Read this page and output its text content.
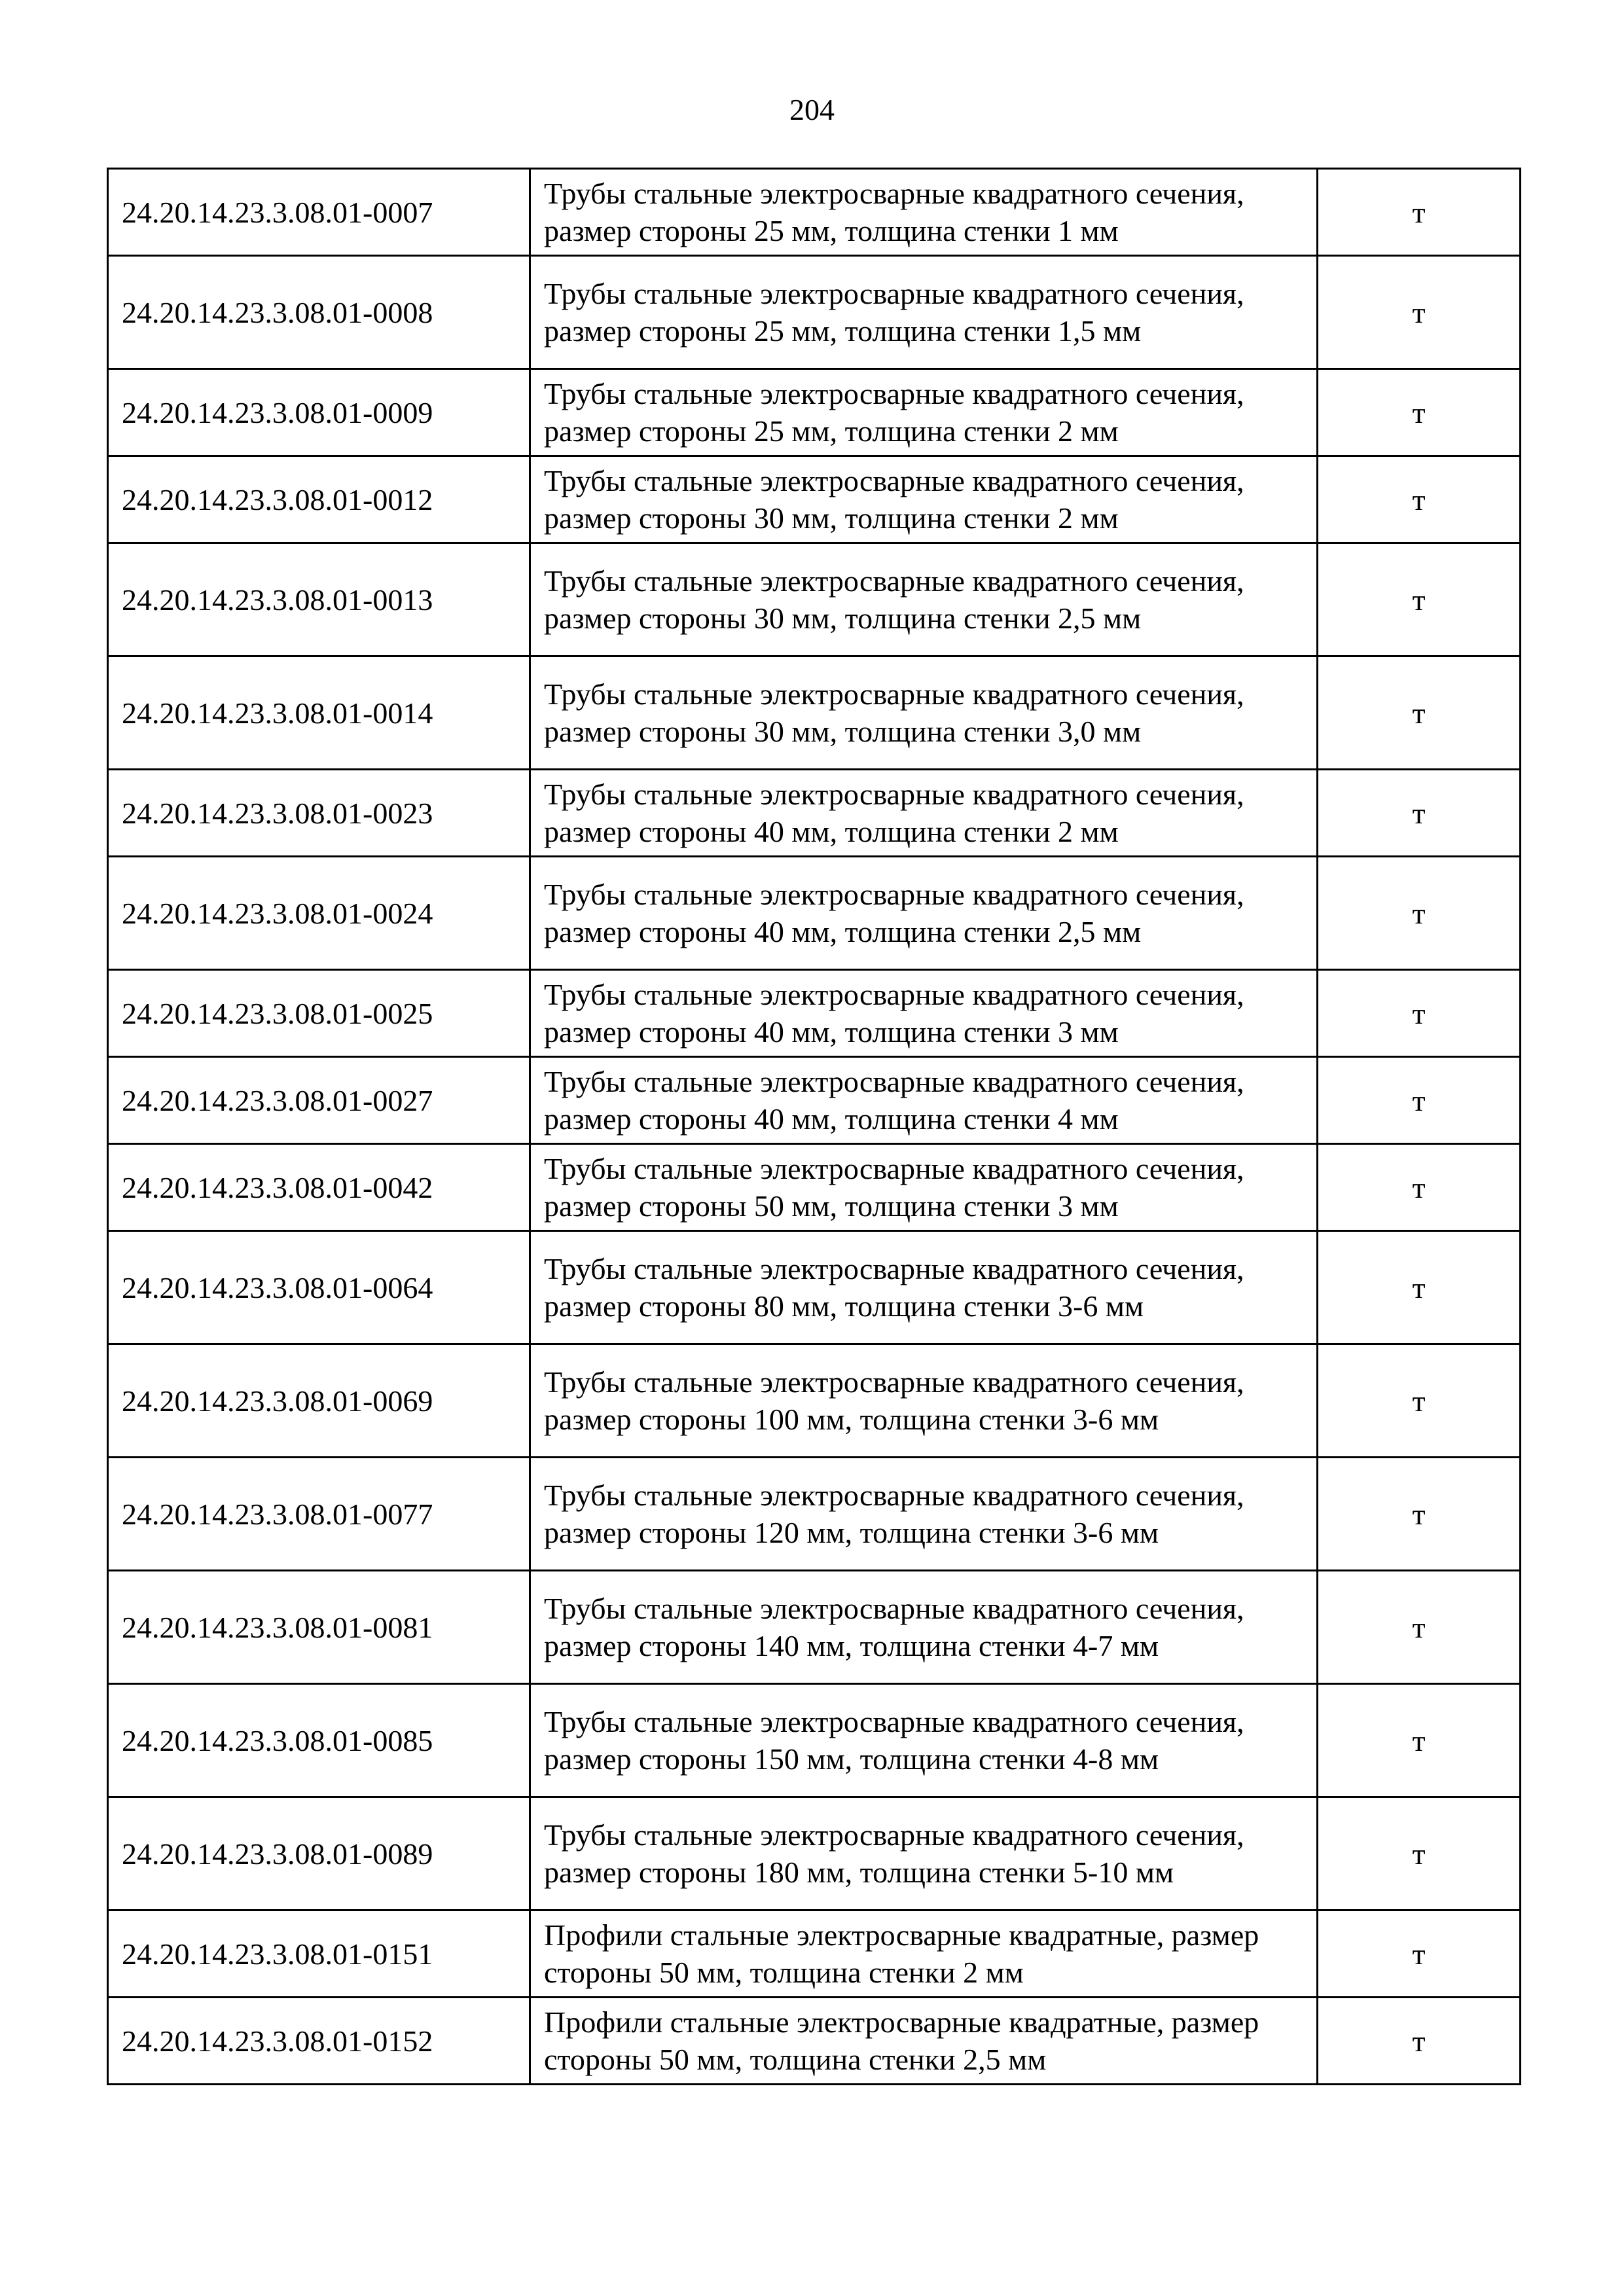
204
24.20.14.23.3.08.01-0007	Трубы стальные электросварные квадратного сечения, размер стороны 25 мм, толщина стенки 1 мм	т
24.20.14.23.3.08.01-0008	Трубы стальные электросварные квадратного сечения, размер стороны 25 мм, толщина стенки 1,5 мм	т
24.20.14.23.3.08.01-0009	Трубы стальные электросварные квадратного сечения, размер стороны 25 мм, толщина стенки 2 мм	т
24.20.14.23.3.08.01-0012	Трубы стальные электросварные квадратного сечения, размер стороны 30 мм, толщина стенки 2 мм	т
24.20.14.23.3.08.01-0013	Трубы стальные электросварные квадратного сечения, размер стороны 30 мм, толщина стенки 2,5 мм	т
24.20.14.23.3.08.01-0014	Трубы стальные электросварные квадратного сечения, размер стороны 30 мм, толщина стенки 3,0 мм	т
24.20.14.23.3.08.01-0023	Трубы стальные электросварные квадратного сечения, размер стороны 40 мм, толщина стенки 2 мм	т
24.20.14.23.3.08.01-0024	Трубы стальные электросварные квадратного сечения, размер стороны 40 мм, толщина стенки 2,5 мм	т
24.20.14.23.3.08.01-0025	Трубы стальные электросварные квадратного сечения, размер стороны 40 мм, толщина стенки 3 мм	т
24.20.14.23.3.08.01-0027	Трубы стальные электросварные квадратного сечения, размер стороны 40 мм, толщина стенки 4 мм	т
24.20.14.23.3.08.01-0042	Трубы стальные электросварные квадратного сечения, размер стороны 50 мм, толщина стенки 3 мм	т
24.20.14.23.3.08.01-0064	Трубы стальные электросварные квадратного сечения, размер стороны 80 мм, толщина стенки 3-6 мм	т
24.20.14.23.3.08.01-0069	Трубы стальные электросварные квадратного сечения, размер стороны 100 мм, толщина стенки 3-6 мм	т
24.20.14.23.3.08.01-0077	Трубы стальные электросварные квадратного сечения, размер стороны 120 мм, толщина стенки 3-6 мм	т
24.20.14.23.3.08.01-0081	Трубы стальные электросварные квадратного сечения, размер стороны 140 мм, толщина стенки 4-7 мм	т
24.20.14.23.3.08.01-0085	Трубы стальные электросварные квадратного сечения, размер стороны 150 мм, толщина стенки 4-8 мм	т
24.20.14.23.3.08.01-0089	Трубы стальные электросварные квадратного сечения, размер стороны 180 мм, толщина стенки 5-10 мм	т
24.20.14.23.3.08.01-0151	Профили стальные электросварные квадратные, размер стороны 50 мм, толщина стенки 2 мм	т
24.20.14.23.3.08.01-0152	Профили стальные электросварные квадратные, размер стороны 50 мм, толщина стенки 2,5 мм	т
